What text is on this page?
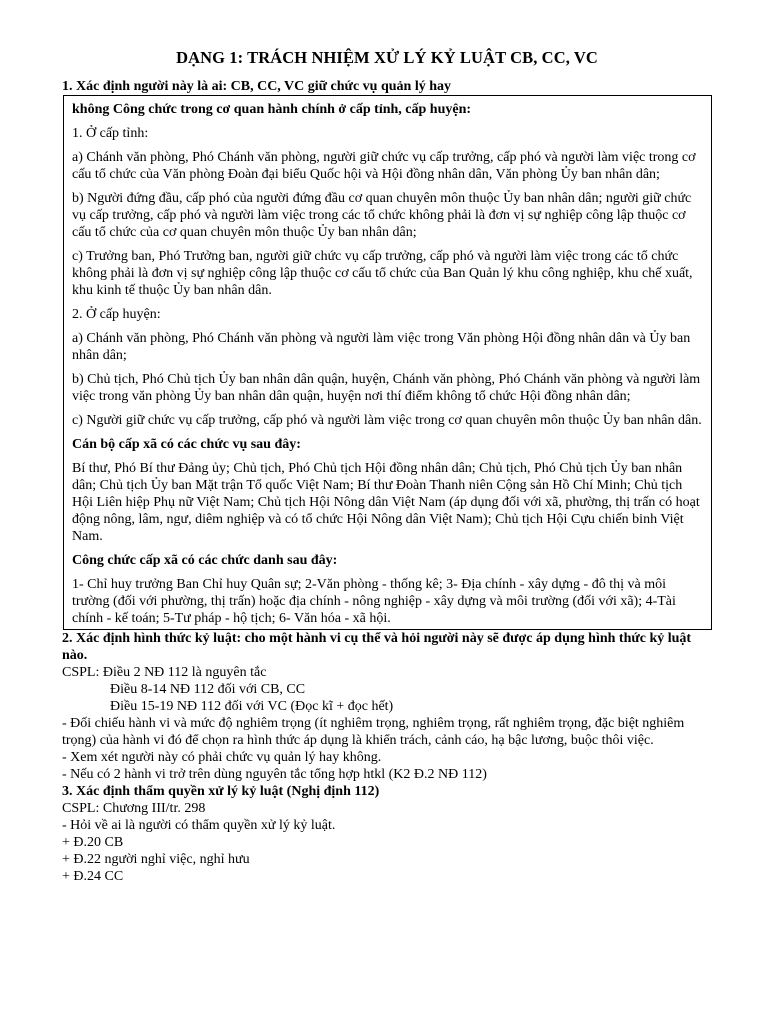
DẠNG 1: TRÁCH NHIỆM XỬ LÝ KỶ LUẬT CB, CC, VC

1. Xác định người này là ai: CB, CC, VC giữ chức vụ quản lý hay

không Công chức trong cơ quan hành chính ở cấp tỉnh, cấp huyện:

1. Ở cấp tỉnh:

a) Chánh văn phòng, Phó Chánh văn phòng, người giữ chức vụ cấp trưởng, cấp phó và người làm việc trong cơ cấu tổ chức của Văn phòng Đoàn đại biểu Quốc hội và Hội đồng nhân dân, Văn phòng Ủy ban nhân dân;

b) Người đứng đầu, cấp phó của người đứng đầu cơ quan chuyên môn thuộc Ủy ban nhân dân; người giữ chức vụ cấp trưởng, cấp phó và người làm việc trong các tổ chức không phải là đơn vị sự nghiệp công lập thuộc cơ cấu tổ chức của cơ quan chuyên môn thuộc Ủy ban nhân dân;

c) Trưởng ban, Phó Trưởng ban, người giữ chức vụ cấp trưởng, cấp phó và người làm việc trong các tổ chức không phải là đơn vị sự nghiệp công lập thuộc cơ cấu tổ chức của Ban Quản lý khu công nghiệp, khu chế xuất, khu kinh tế thuộc Ủy ban nhân dân.

2. Ở cấp huyện:

a) Chánh văn phòng, Phó Chánh văn phòng và người làm việc trong Văn phòng Hội đồng nhân dân và Ủy ban nhân dân;

b) Chủ tịch, Phó Chủ tịch Ủy ban nhân dân quận, huyện, Chánh văn phòng, Phó Chánh văn phòng và người làm việc trong văn phòng Ủy ban nhân dân quận, huyện nơi thí điểm không tổ chức Hội đồng nhân dân;

c) Người giữ chức vụ cấp trưởng, cấp phó và người làm việc trong cơ quan chuyên môn thuộc Ủy ban nhân dân.

Cán bộ cấp xã có các chức vụ sau đây:

Bí thư, Phó Bí thư Đảng ủy; Chủ tịch, Phó Chủ tịch Hội đồng nhân dân; Chủ tịch, Phó Chủ tịch Ủy ban nhân dân; Chủ tịch Ủy ban Mặt trận Tổ quốc Việt Nam; Bí thư Đoàn Thanh niên Cộng sản Hồ Chí Minh; Chủ tịch Hội Liên hiệp Phụ nữ Việt Nam; Chủ tịch Hội Nông dân Việt Nam (áp dụng đối với xã, phường, thị trấn có hoạt động nông, lâm, ngư, diêm nghiệp và có tổ chức Hội Nông dân Việt Nam); Chủ tịch Hội Cựu chiến binh Việt Nam.

Công chức cấp xã có các chức danh sau đây:

1- Chỉ huy trưởng Ban Chỉ huy Quân sự; 2-Văn phòng - thống kê; 3- Địa chính - xây dựng - đô thị và môi trường (đối với phường, thị trấn) hoặc địa chính - nông nghiệp - xây dựng và môi trường (đối với xã); 4-Tài chính - kế toán; 5-Tư pháp - hộ tịch; 6- Văn hóa - xã hội.

2. Xác định hình thức kỷ luật: cho một hành vi cụ thể và hỏi người này sẽ được áp dụng hình thức kỷ luật nào.

CSPL: Điều 2 NĐ 112 là nguyên tắc

Điều 8-14 NĐ 112 đối với CB, CC

Điều 15-19 NĐ 112 đối với VC (Đọc kĩ + đọc hết)

- Đối chiếu hành vi và mức độ nghiêm trọng (ít nghiêm trọng, nghiêm trọng, rất nghiêm trọng, đặc biệt nghiêm trọng) của hành vi đó để chọn ra hình thức áp dụng là khiển trách, cảnh cáo, hạ bậc lương, buộc thôi việc.

- Xem xét người này có phải chức vụ quản lý hay không.

- Nếu có 2 hành vi trở trên dùng nguyên tắc tổng hợp htkl (K2 Đ.2 NĐ 112)

3. Xác định thẩm quyền xử lý kỷ luật (Nghị định 112)

CSPL: Chương III/tr. 298

- Hỏi về ai là người có thẩm quyền xử lý kỷ luật.

+ Đ.20 CB

+ Đ.22 người nghỉ việc, nghỉ hưu

+ Đ.24 CC
